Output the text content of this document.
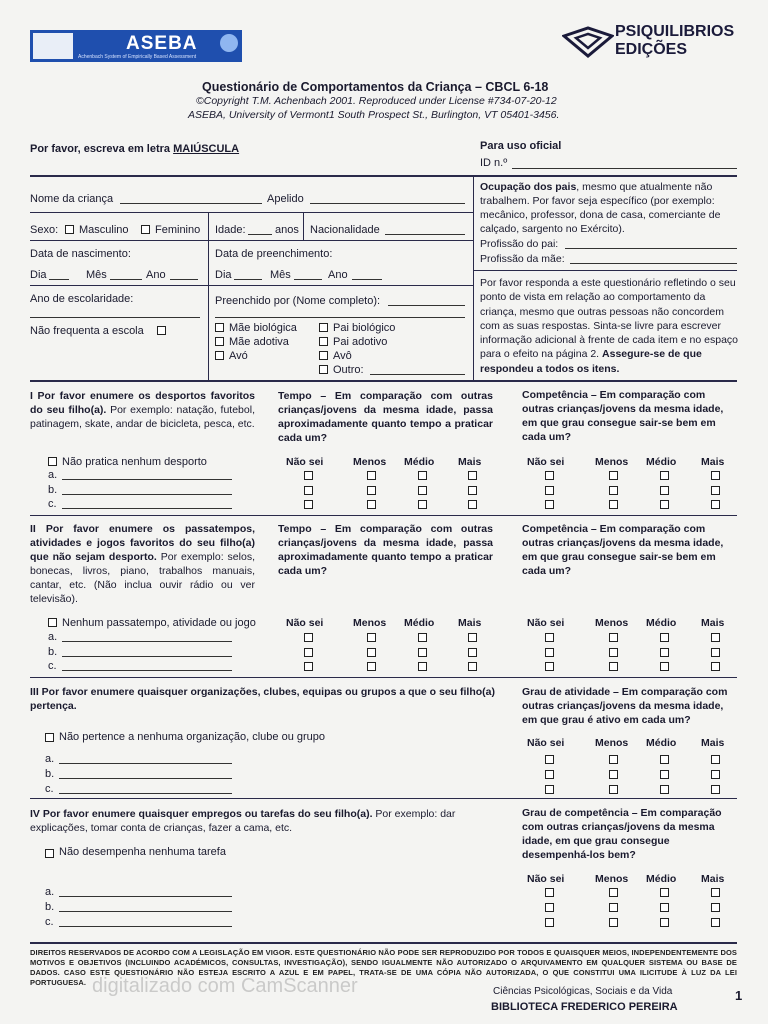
ASEBA
Achenbach System of Empirically Based Assessment
PSIQUILIBRIOS
EDIÇÕES
Questionário de Comportamentos da Criança – CBCL 6-18
©Copyright T.M. Achenbach 2001. Reproduced under License #734-07-20-12
ASEBA, University of Vermont1 South Prospect St., Burlington, VT 05401-3456.
Por favor, escreva em letra MAIÚSCULA	Para uso oficial
ID n.º
Nome da criança	Apelido
Sexo: Masculino Feminino Idade:	anos Nacionalidade
Data de nascimento:	Data de preenchimento:
Dia	Mês	Ano	Dia	Mês	Ano
Ano de escolaridade:
Não frequenta a escola
Preenchido por (Nome completo):
Mãe biológica
Mãe adotiva
Avó
Pai biológico
Pai adotivo
Avô
Outro:
Ocupação dos pais, mesmo que atualmente não trabalhem. Por favor seja específico (por exemplo: mecânico, professor, dona de casa, comerciante de calçado, sargento no Exército).
Profissão do pai:
Profissão da mãe:
Por favor responda a este questionário refletindo o seu ponto de vista em relação ao comportamento da criança, mesmo que outras pessoas não concordem com as suas respostas. Sinta-se livre para escrever informação adicional à frente de cada item e no espaço para o efeito na página 2. Assegure-se de que respondeu a todos os itens.
I Por favor enumere os desportos favoritos do seu filho(a). Por exemplo: natação, futebol, patinagem, skate, andar de bicicleta, pesca, etc.
Tempo – Em comparação com outras crianças/jovens da mesma idade, passa aproximadamente quanto tempo a praticar cada um?
Competência – Em comparação com outras crianças/jovens da mesma idade, em que grau consegue sair-se bem em cada um?
Não pratica nenhum desporto	Não sei	Menos Médio Mais	Não sei	Menos Médio Mais
a.
b.
c.
II Por favor enumere os passatempos, atividades e jogos favoritos do seu filho(a) que não sejam desporto. Por exemplo: selos, bonecas, livros, piano, trabalhos manuais, cantar, etc. (Não inclua ouvir rádio ou ver televisão).
Tempo – Em comparação com outras crianças/jovens da mesma idade, passa aproximadamente quanto tempo a praticar cada um?
Competência – Em comparação com outras crianças/jovens da mesma idade, em que grau consegue sair-se bem em cada um?
Nenhum passatempo, atividade ou jogo	Não sei	Menos Médio Mais	Não sei	Menos Médio Mais
a.
b.
c.
III Por favor enumere quaisquer organizações, clubes, equipas ou grupos a que o seu filho(a) pertença.
Grau de atividade – Em comparação com outras crianças/jovens da mesma idade, em que grau é ativo em cada um?
Não pertence a nenhuma organização, clube ou grupo	Não sei	Menos Médio Mais
a.
b.
c.
IV Por favor enumere quaisquer empregos ou tarefas do seu filho(a). Por exemplo: dar explicações, tomar conta de crianças, fazer a cama, etc.
Grau de competência – Em comparação com outras crianças/jovens da mesma idade, em que grau consegue desempenhá-los bem?
Não desempenha nenhuma tarefa
Não sei	Menos Médio Mais
a.
b.
c.
DIREITOS RESERVADOS DE ACORDO COM A LEGISLAÇÃO EM VIGOR. ESTE QUESTIONÁRIO NÃO PODE SER REPRODUZIDO POR TODOS E QUAISQUER MEIOS, INDEPENDENTEMENTE DOS MOTIVOS E OBJETIVOS (INCLUINDO ACADÉMICOS, CONSULTAS, INVESTIGAÇÃO), SENDO IGUALMENTE NÃO AUTORIZADO O ARQUIVAMENTO EM QUALQUER SISTEMA OU BASE DE DADOS. CASO ESTE QUESTIONÁRIO NÃO ESTEJA ESCRITO A AZUL E EM PAPEL, TRATA-SE DE UMA CÓPIA NÃO AUTORIZADA, O QUE CONSTITUI UMA ILICITUDE À LUZ DA LEI PORTUGUESA. digitalizado com CamScanner	Ciências Psicológicas, Sociais e da Vida
BIBLIOTECA FREDERICO PEREIRA
1
